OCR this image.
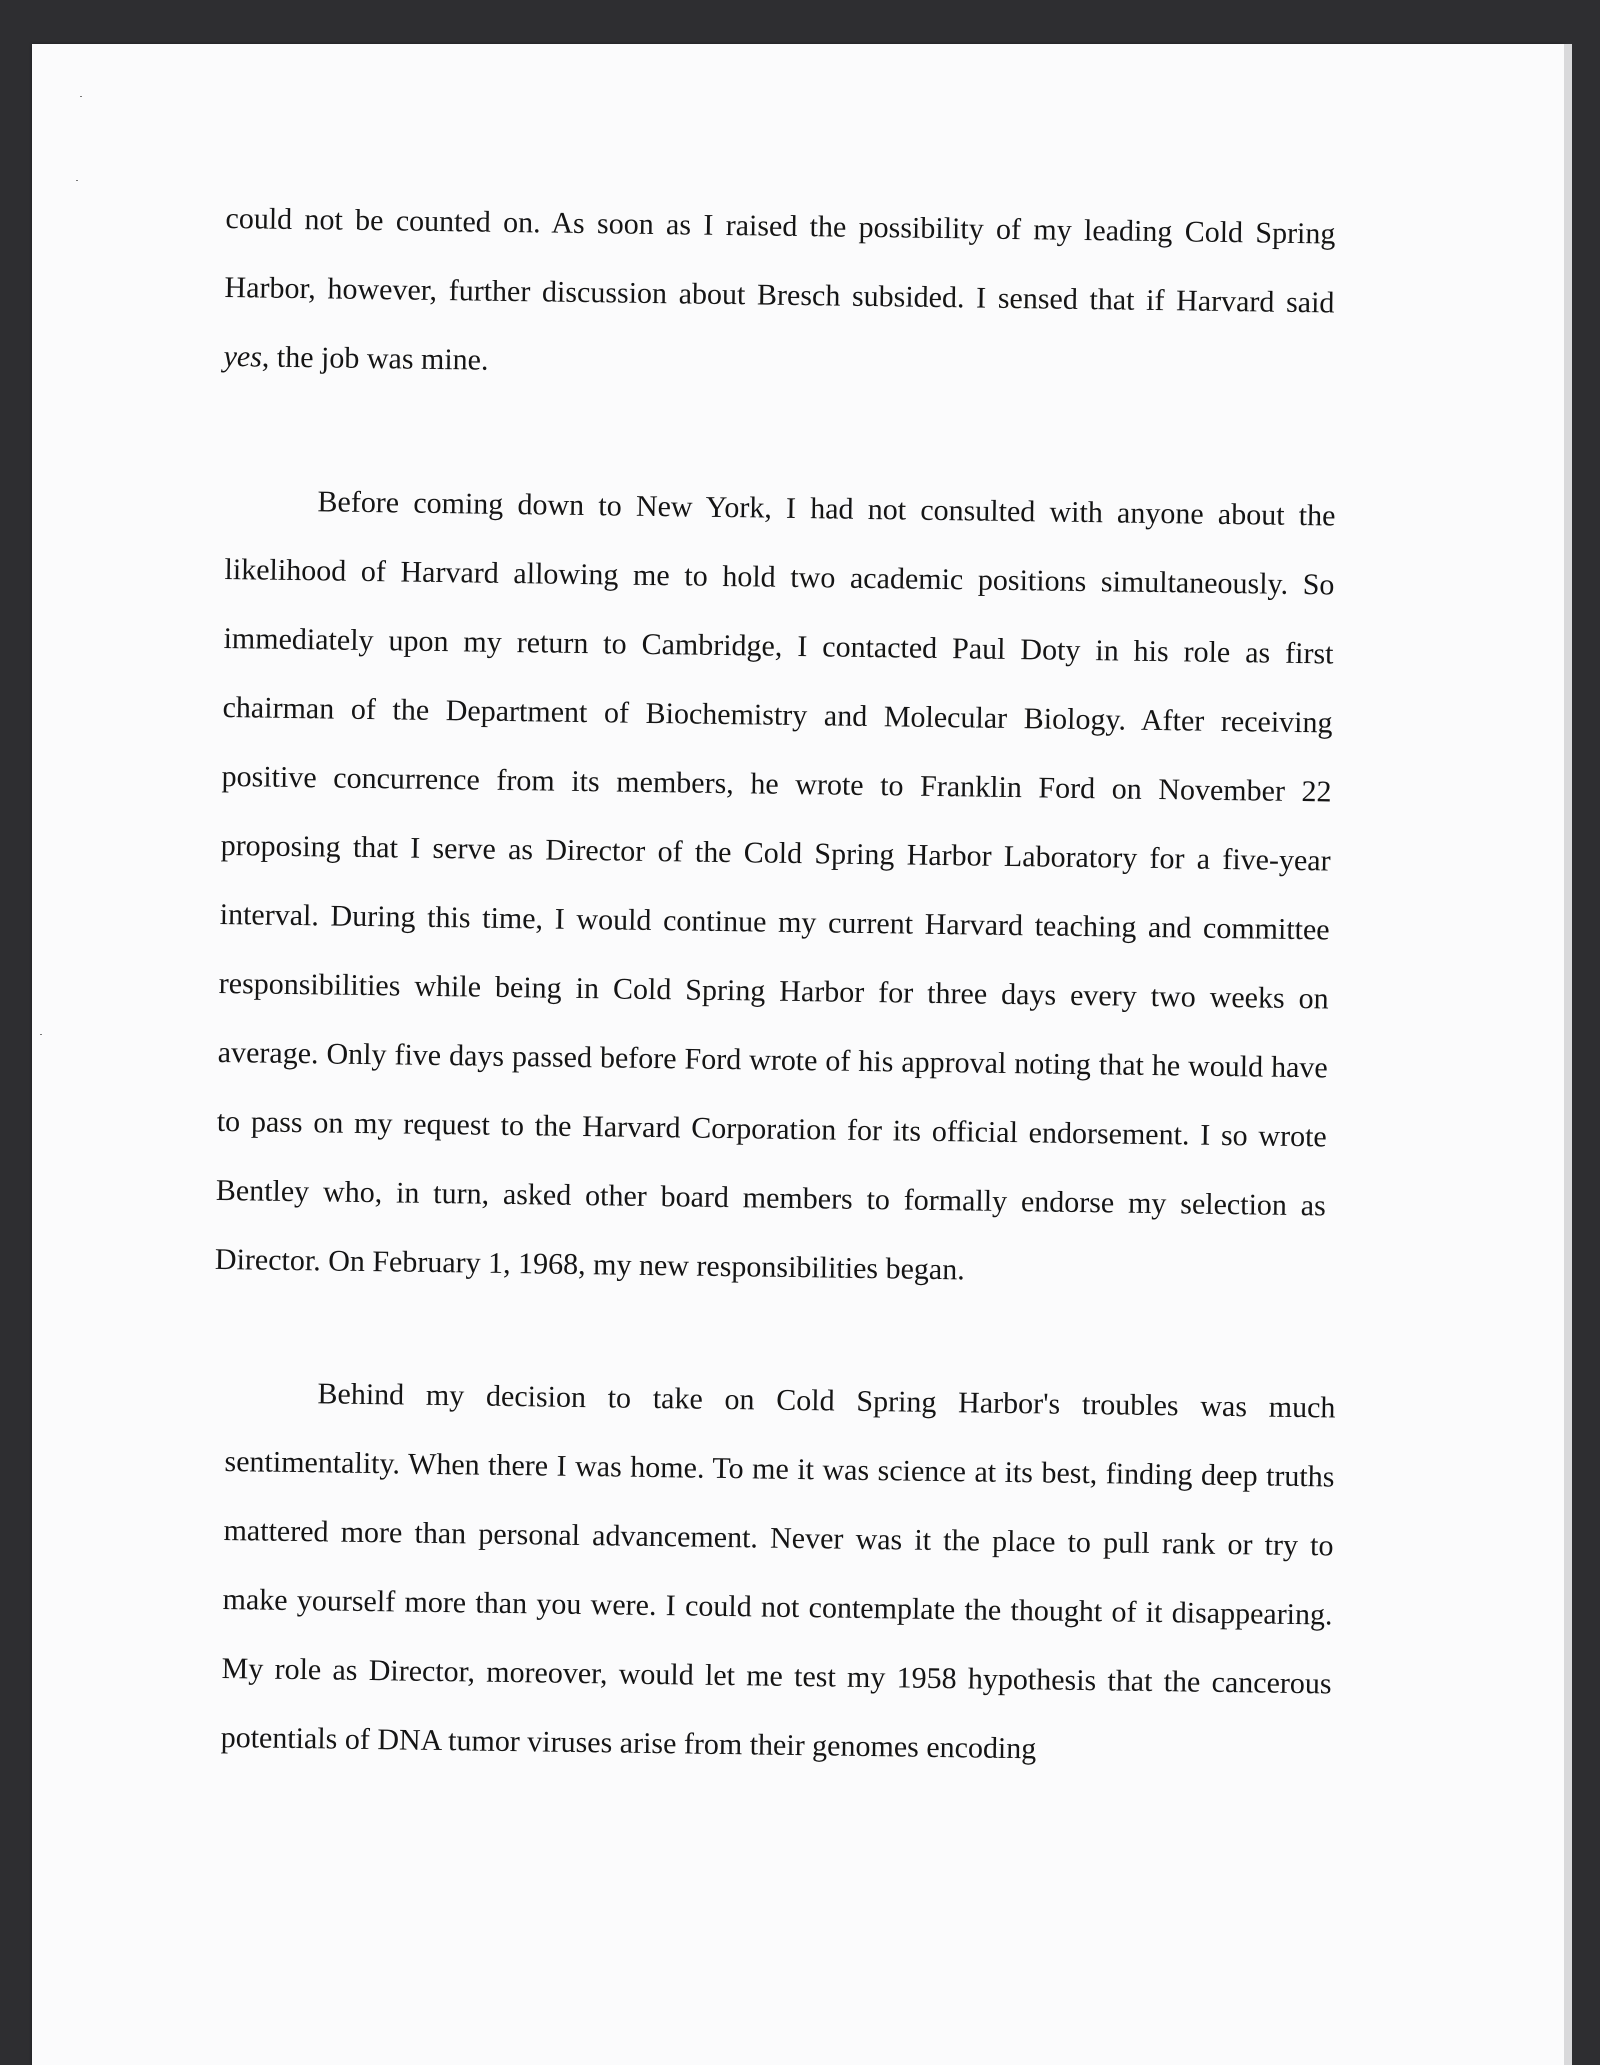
could not be counted on. As soon as I raised the possibility of my leading Cold Spring Harbor, however, further discussion about Bresch subsided. I sensed that if Harvard said yes, the job was mine.

Before coming down to New York, I had not consulted with anyone about the likelihood of Harvard allowing me to hold two academic positions simultaneously. So immediately upon my return to Cambridge, I contacted Paul Doty in his role as first chairman of the Department of Biochemistry and Molecular Biology. After receiving positive concurrence from its members, he wrote to Franklin Ford on November 22 proposing that I serve as Director of the Cold Spring Harbor Laboratory for a five-year interval. During this time, I would continue my current Harvard teaching and committee responsibilities while being in Cold Spring Harbor for three days every two weeks on average. Only five days passed before Ford wrote of his approval noting that he would have to pass on my request to the Harvard Corporation for its official endorsement. I so wrote Bentley who, in turn, asked other board members to formally endorse my selection as Director. On February 1, 1968, my new responsibilities began.

Behind my decision to take on Cold Spring Harbor's troubles was much sentimentality. When there I was home. To me it was science at its best, finding deep truths mattered more than personal advancement. Never was it the place to pull rank or try to make yourself more than you were. I could not contemplate the thought of it disappearing. My role as Director, moreover, would let me test my 1958 hypothesis that the cancerous potentials of DNA tumor viruses arise from their genomes encoding
